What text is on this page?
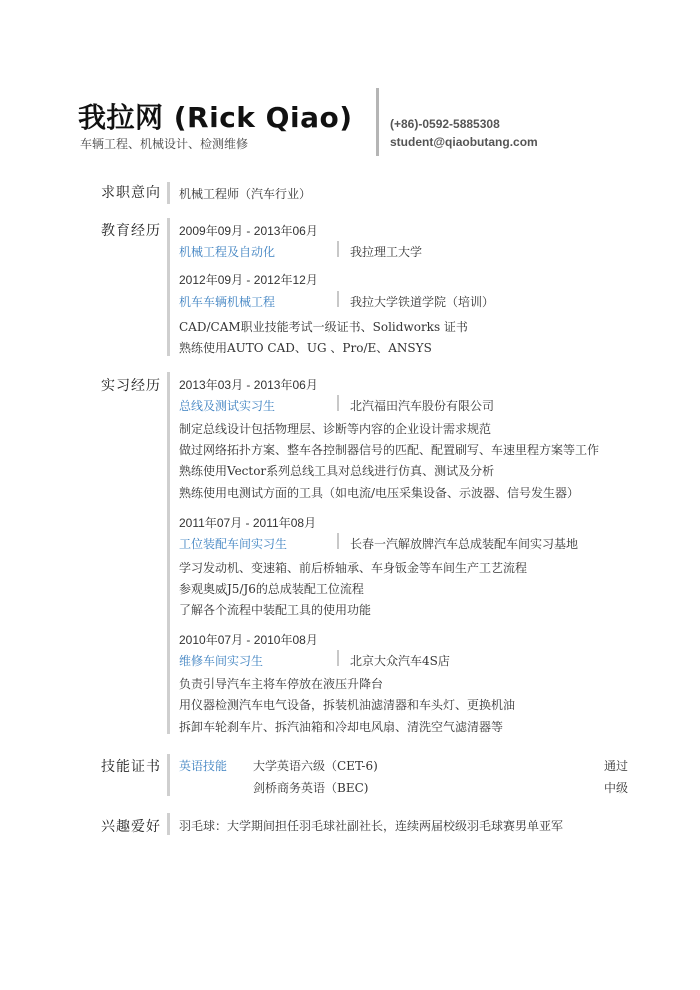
我拉网 (Rick Qiao)
车辆工程、机械设计、检测维修
(+86)-0592-5885308
student@qiaobutang.com
求职意向 机械工程师（汽车行业）
教育经历 2009年09月 - 2013年06月
机械工程及自动化	我拉理工大学
2012年09月 - 2012年12月
机车车辆机械工程	我拉大学铁道学院（培训）
CAD/CAM职业技能考试一级证书、Solidworks 证书
熟练使用AUTO CAD、UG 、Pro/E、ANSYS
实习经历 2013年03月 - 2013年06月
总线及测试实习生	北汽福田汽车股份有限公司
制定总线设计包括物理层、诊断等内容的企业设计需求规范
做过网络拓扑方案、整车各控制器信号的匹配、配置刷写、车速里程方案等工作
熟练使用Vector系列总线工具对总线进行仿真、测试及分析
熟练使用电测试方面的工具（如电流/电压采集设备、示波器、信号发生器）
2011年07月 - 2011年08月
工位装配车间实习生	长春一汽解放牌汽车总成装配车间实习基地
学习发动机、变速箱、前后桥轴承、车身钣金等车间生产工艺流程
参观奥威J5/J6的总成装配工位流程
了解各个流程中装配工具的使用功能
2010年07月 - 2010年08月
维修车间实习生	北京大众汽车4S店
负责引导汽车主将车停放在液压升降台
用仪器检测汽车电气设备，拆装机油滤清器和车头灯、更换机油
拆卸车轮刹车片、拆汽油箱和冷却电风扇、清洗空气滤清器等
技能证书 英语技能 大学英语六级（CET-6)	通过
剑桥商务英语（BEC)	中级
兴趣爱好 羽毛球：大学期间担任羽毛球社副社长，连续两届校级羽毛球赛男单亚军
